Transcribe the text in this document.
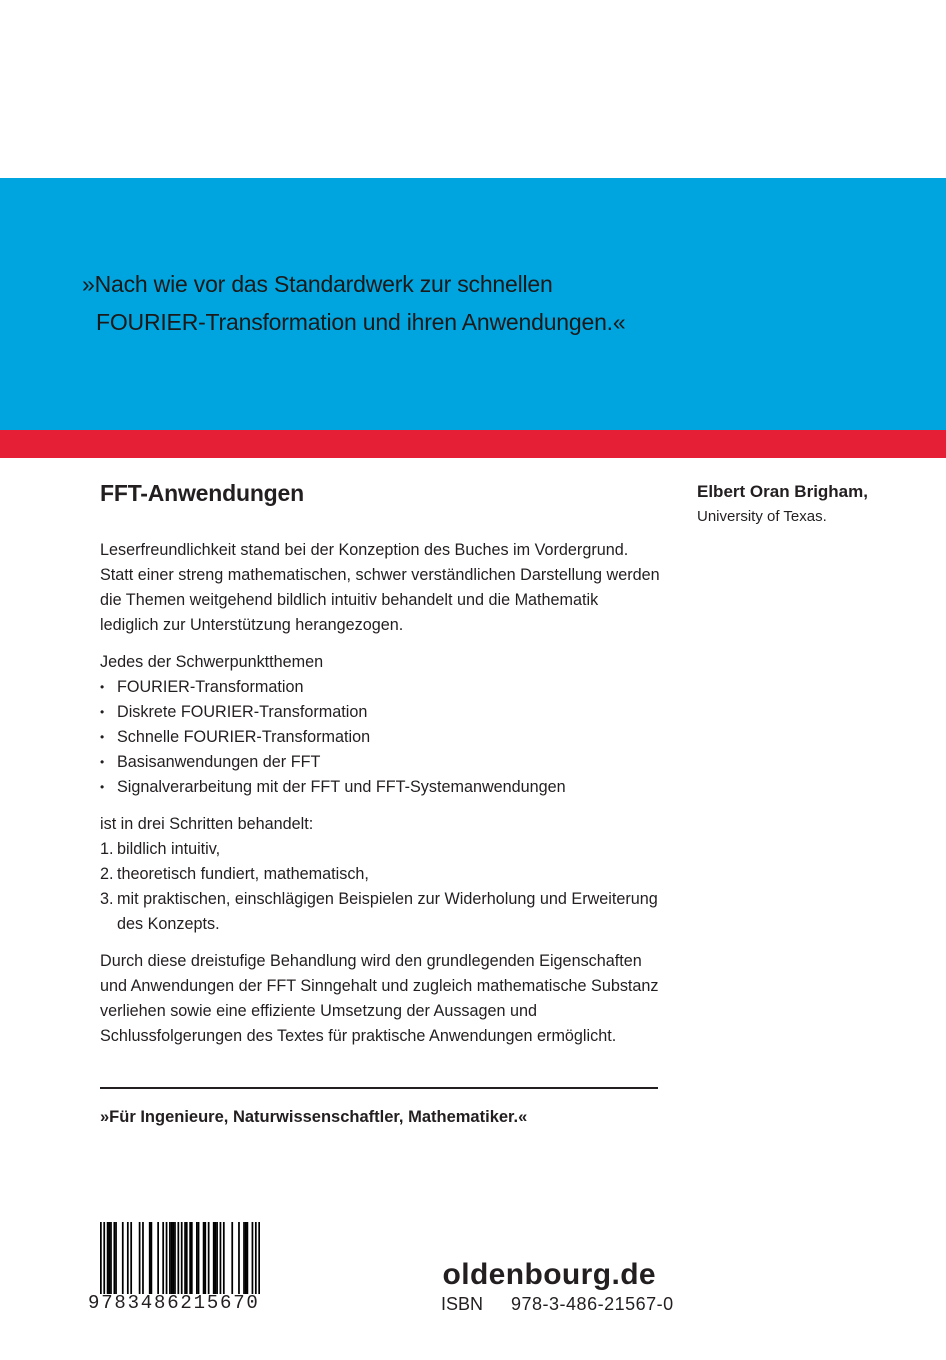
»Nach wie vor das Standardwerk zur schnellen
FOURIER-Transformation und ihren Anwendungen.«
FFT-Anwendungen	Elbert Oran Brigham,
University of Texas.

Leserfreundlichkeit stand bei der Konzeption des Buches im Vordergrund. Statt einer streng mathematischen, schwer verständlichen Darstellung werden die Themen weitgehend bildlich intuitiv behandelt und die Mathematik lediglich zur Unterstützung herangezogen.

Jedes der Schwerpunktthemen

• FOURIER-Transformation
• Diskrete FOURIER-Transformation
• Schnelle FOURIER-Transformation
• Basisanwendungen der FFT
• Signalverarbeitung mit der FFT und FFT-Systemanwendungen

ist in drei Schritten behandelt:

1. bildlich intuitiv,
2. theoretisch fundiert, mathematisch,
3. mit praktischen, einschlägigen Beispielen zur Widerholung und Erweiterung des Konzepts.

Durch diese dreistufige Behandlung wird den grundlegenden Eigenschaften und Anwendungen der FFT Sinngehalt und zugleich mathematische Substanz verliehen sowie eine effiziente Umsetzung der Aussagen und Schlussfolgerungen des Textes für praktische Anwendungen ermöglicht.

»Für Ingenieure, Naturwissenschaftler, Mathematiker.«
9783486215670
oldenbourg.de
ISBN 978-3-486-21567-0
